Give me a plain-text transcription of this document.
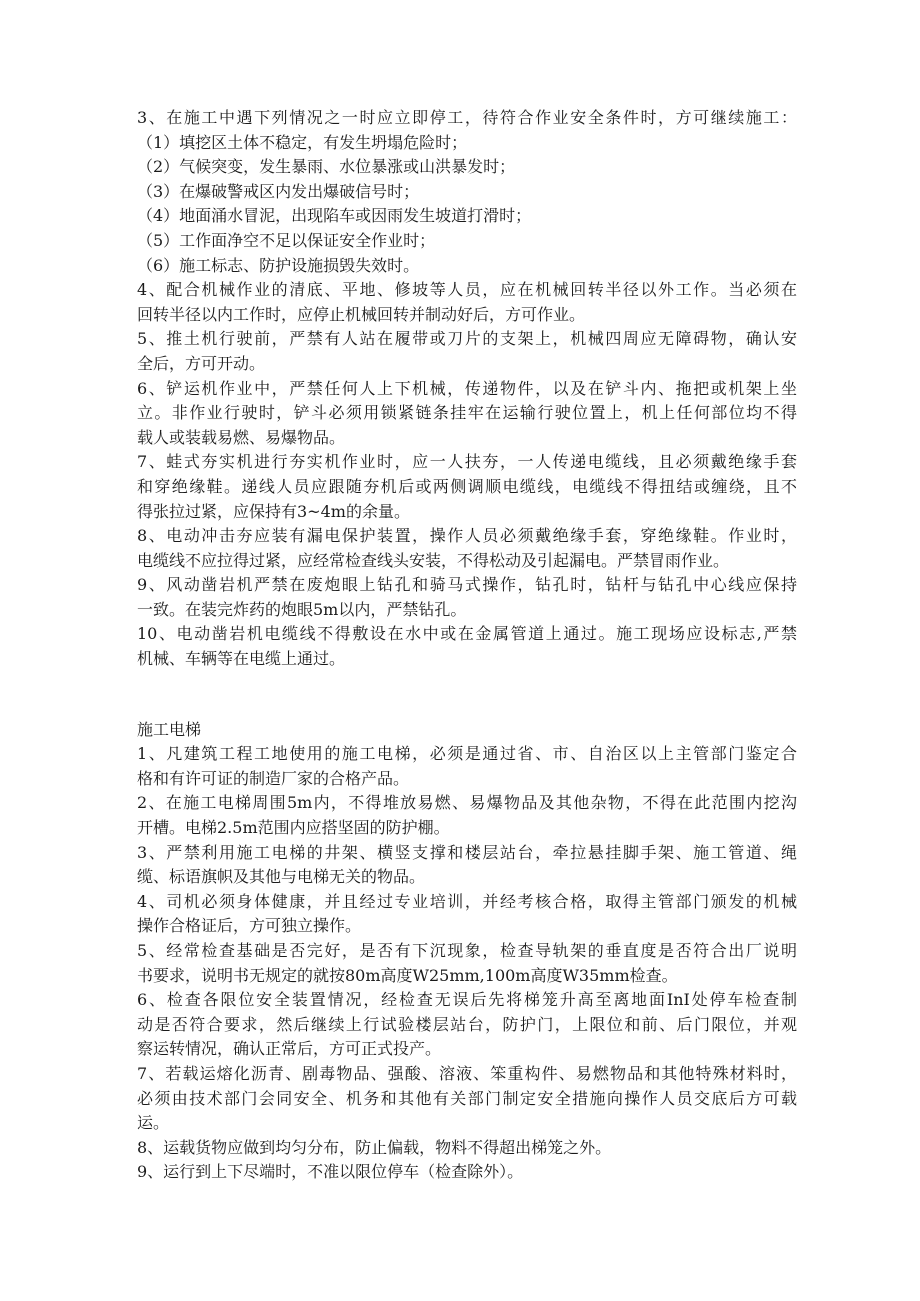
3、在施工中遇下列情况之一时应立即停工，待符合作业安全条件时，方可继续施工：
（1）填挖区土体不稳定，有发生坍塌危险时；
（2）气候突变，发生暴雨、水位暴涨或山洪暴发时；
（3）在爆破警戒区内发出爆破信号时；
（4）地面涌水冒泥，出现陷车或因雨发生坡道打滑时；
（5）工作面净空不足以保证安全作业时；
（6）施工标志、防护设施损毁失效时。
4、配合机械作业的清底、平地、修坡等人员，应在机械回转半径以外工作。当必须在
回转半径以内工作时，应停止机械回转并制动好后，方可作业。
5、推土机行驶前，严禁有人站在履带或刀片的支架上，机械四周应无障碍物，确认安
全后，方可开动。
6、铲运机作业中，严禁任何人上下机械，传递物件，以及在铲斗内、拖把或机架上坐
立。非作业行驶时，铲斗必须用锁紧链条挂牢在运输行驶位置上，机上任何部位均不得
载人或装载易燃、易爆物品。
7、蛙式夯实机进行夯实机作业时，应一人扶夯，一人传递电缆线，且必须戴绝缘手套
和穿绝缘鞋。递线人员应跟随夯机后或两侧调顺电缆线，电缆线不得扭结或缠绕，且不
得张拉过紧，应保持有3~4m的余量。
8、电动冲击夯应装有漏电保护装置，操作人员必须戴绝缘手套，穿绝缘鞋。作业时，
电缆线不应拉得过紧，应经常检查线头安装，不得松动及引起漏电。严禁冒雨作业。
9、风动凿岩机严禁在废炮眼上钻孔和骑马式操作，钻孔时，钻杆与钻孔中心线应保持
一致。在装完炸药的炮眼5m以内，严禁钻孔。
10、电动凿岩机电缆线不得敷设在水中或在金属管道上通过。施工现场应设标志,严禁
机械、车辆等在电缆上通过。
施工电梯
1、凡建筑工程工地使用的施工电梯，必须是通过省、市、自治区以上主管部门鉴定合
格和有许可证的制造厂家的合格产品。
2、在施工电梯周围5m内，不得堆放易燃、易爆物品及其他杂物，不得在此范围内挖沟
开槽。电梯2.5m范围内应搭坚固的防护棚。
3、严禁利用施工电梯的井架、横竖支撑和楼层站台，牵拉悬挂脚手架、施工管道、绳
缆、标语旗帜及其他与电梯无关的物品。
4、司机必须身体健康，并且经过专业培训，并经考核合格，取得主管部门颁发的机械
操作合格证后，方可独立操作。
5、经常检查基础是否完好，是否有下沉现象，检查导轨架的垂直度是否符合出厂说明
书要求，说明书无规定的就按80m高度W25mm,100m高度W35mm检查。
6、检查各限位安全装置情况，经检查无误后先将梯笼升高至离地面InI处停车检查制
动是否符合要求，然后继续上行试验楼层站台，防护门，上限位和前、后门限位，并观
察运转情况，确认正常后，方可正式投产。
7、若载运熔化沥青、剧毒物品、强酸、溶液、笨重构件、易燃物品和其他特殊材料时，
必须由技术部门会同安全、机务和其他有关部门制定安全措施向操作人员交底后方可载
运。
8、运载货物应做到均匀分布，防止偏载，物料不得超出梯笼之外。
9、运行到上下尽端时，不准以限位停车（检查除外）。
